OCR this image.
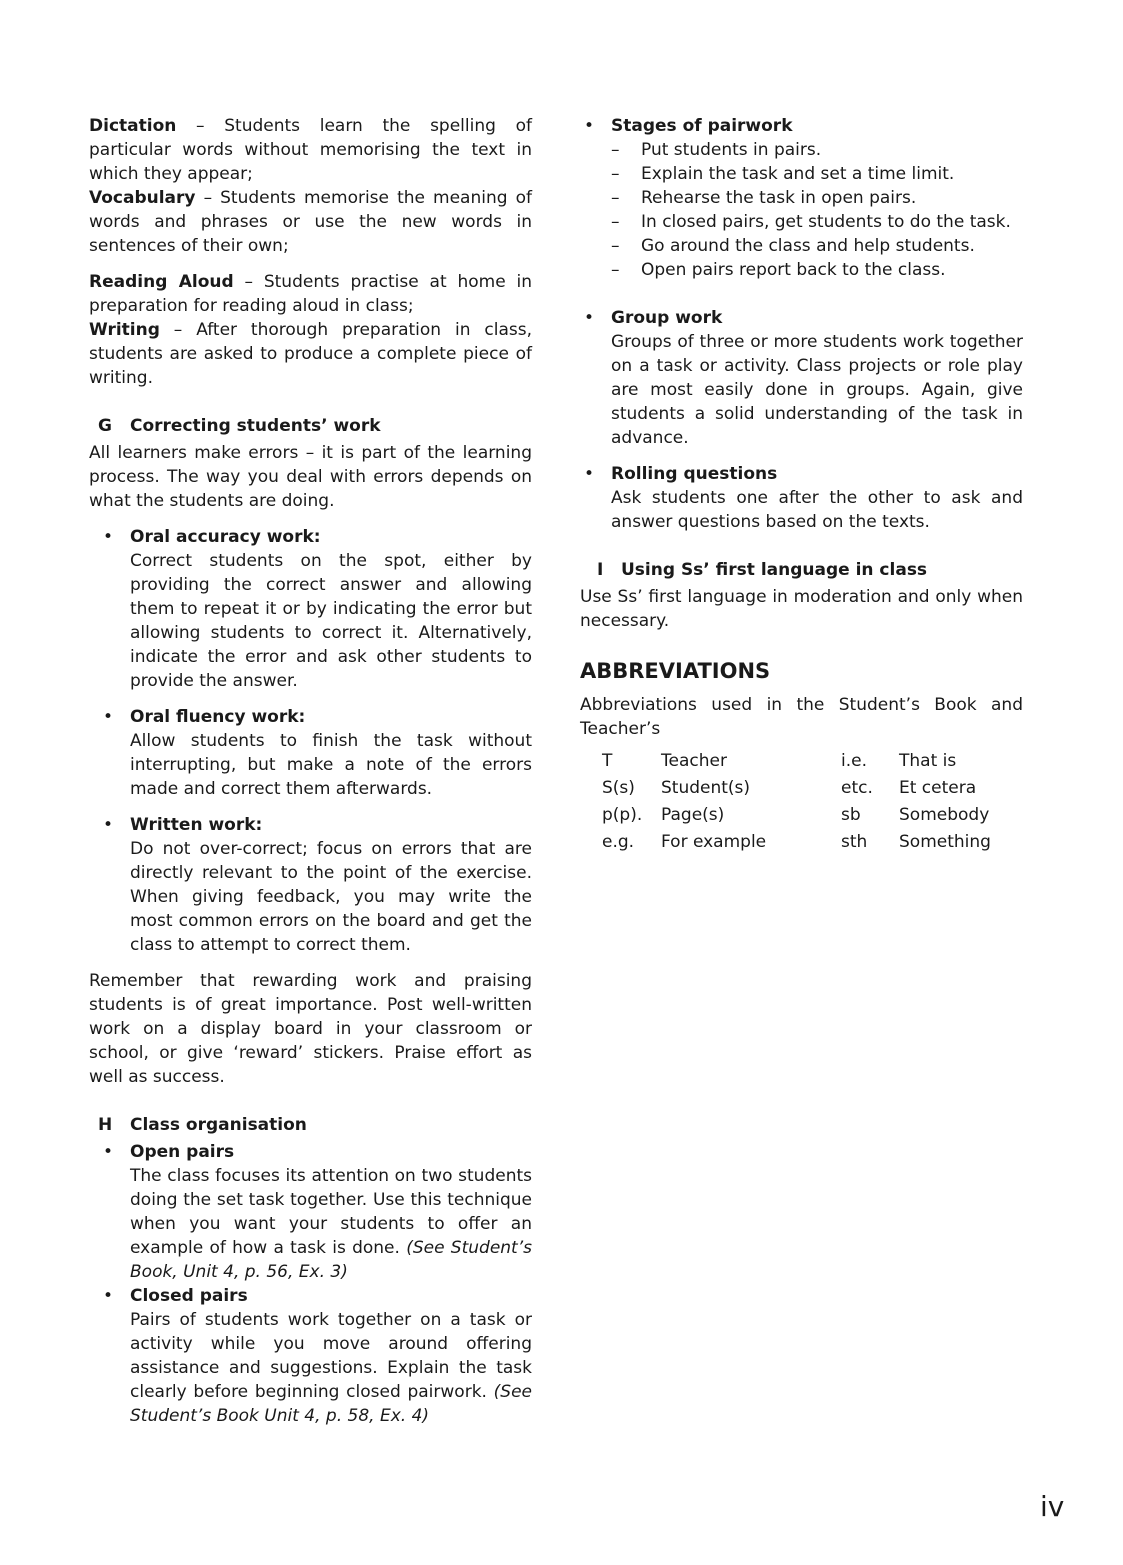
Dictation – Students learn the spelling of particular words without memorising the text in which they appear;

Vocabulary – Students memorise the meaning of words and phrases or use the new words in sentences of their own;

Reading Aloud – Students practise at home in preparation for reading aloud in class;

Writing – After thorough preparation in class, students are asked to produce a complete piece of writing.

G	Correcting students’ work

All learners make errors – it is part of the learning process. The way you deal with errors depends on what the students are doing.

• Oral accuracy work:

Correct students on the spot, either by providing the correct answer and allowing them to repeat it or by indicating the error but allowing students to correct it. Alternatively, indicate the error and ask other students to provide the answer.

• Oral fluency work:

Allow students to finish the task without interrupting, but make a note of the errors made and correct them afterwards.

• Written work:

Do not over-correct; focus on errors that are directly relevant to the point of the exercise. When giving feedback, you may write the most common errors on the board and get the class to attempt to correct them.

Remember that rewarding work and praising students is of great importance. Post well-written work on a display board in your classroom or school, or give ‘reward’ stickers. Praise effort as well as success.

H	Class organisation
• Open pairs

The class focuses its attention on two students doing the set task together. Use this technique when you want your students to offer an example of how a task is done. (See Student’s Book, Unit 4, p. 56, Ex. 3)

• Closed pairs

Pairs of students work together on a task or activity while you move around offering assistance and suggestions. Explain the task clearly before beginning closed pairwork. (See Student’s Book Unit 4, p. 58, Ex. 4)

• Stages of pairwork

–	Put students in pairs.
–	Explain the task and set a time limit.
–	Rehearse the task in open pairs.
–	In closed pairs, get students to do the task.
–	Go around the class and help students.
–	Open pairs report back to the class.
• Group work

Groups of three or more students work together on a task or activity. Class projects or role play are most easily done in groups. Again, give students a solid understanding of the task in advance.

• Rolling questions

Ask students one after the other to ask and answer questions based on the texts.

I	Using Ss’ first language in class

Use Ss’ first language in moderation and only when necessary.

ABBREVIATIONS

Abbreviations used in the Student’s Book and Teacher’s

T	Teacher	i.e.	That is
S(s)	Student(s)	etc.	Et cetera
p(p).	Page(s)	sb	Somebody
e.g.	For example	sth	Something
iv
